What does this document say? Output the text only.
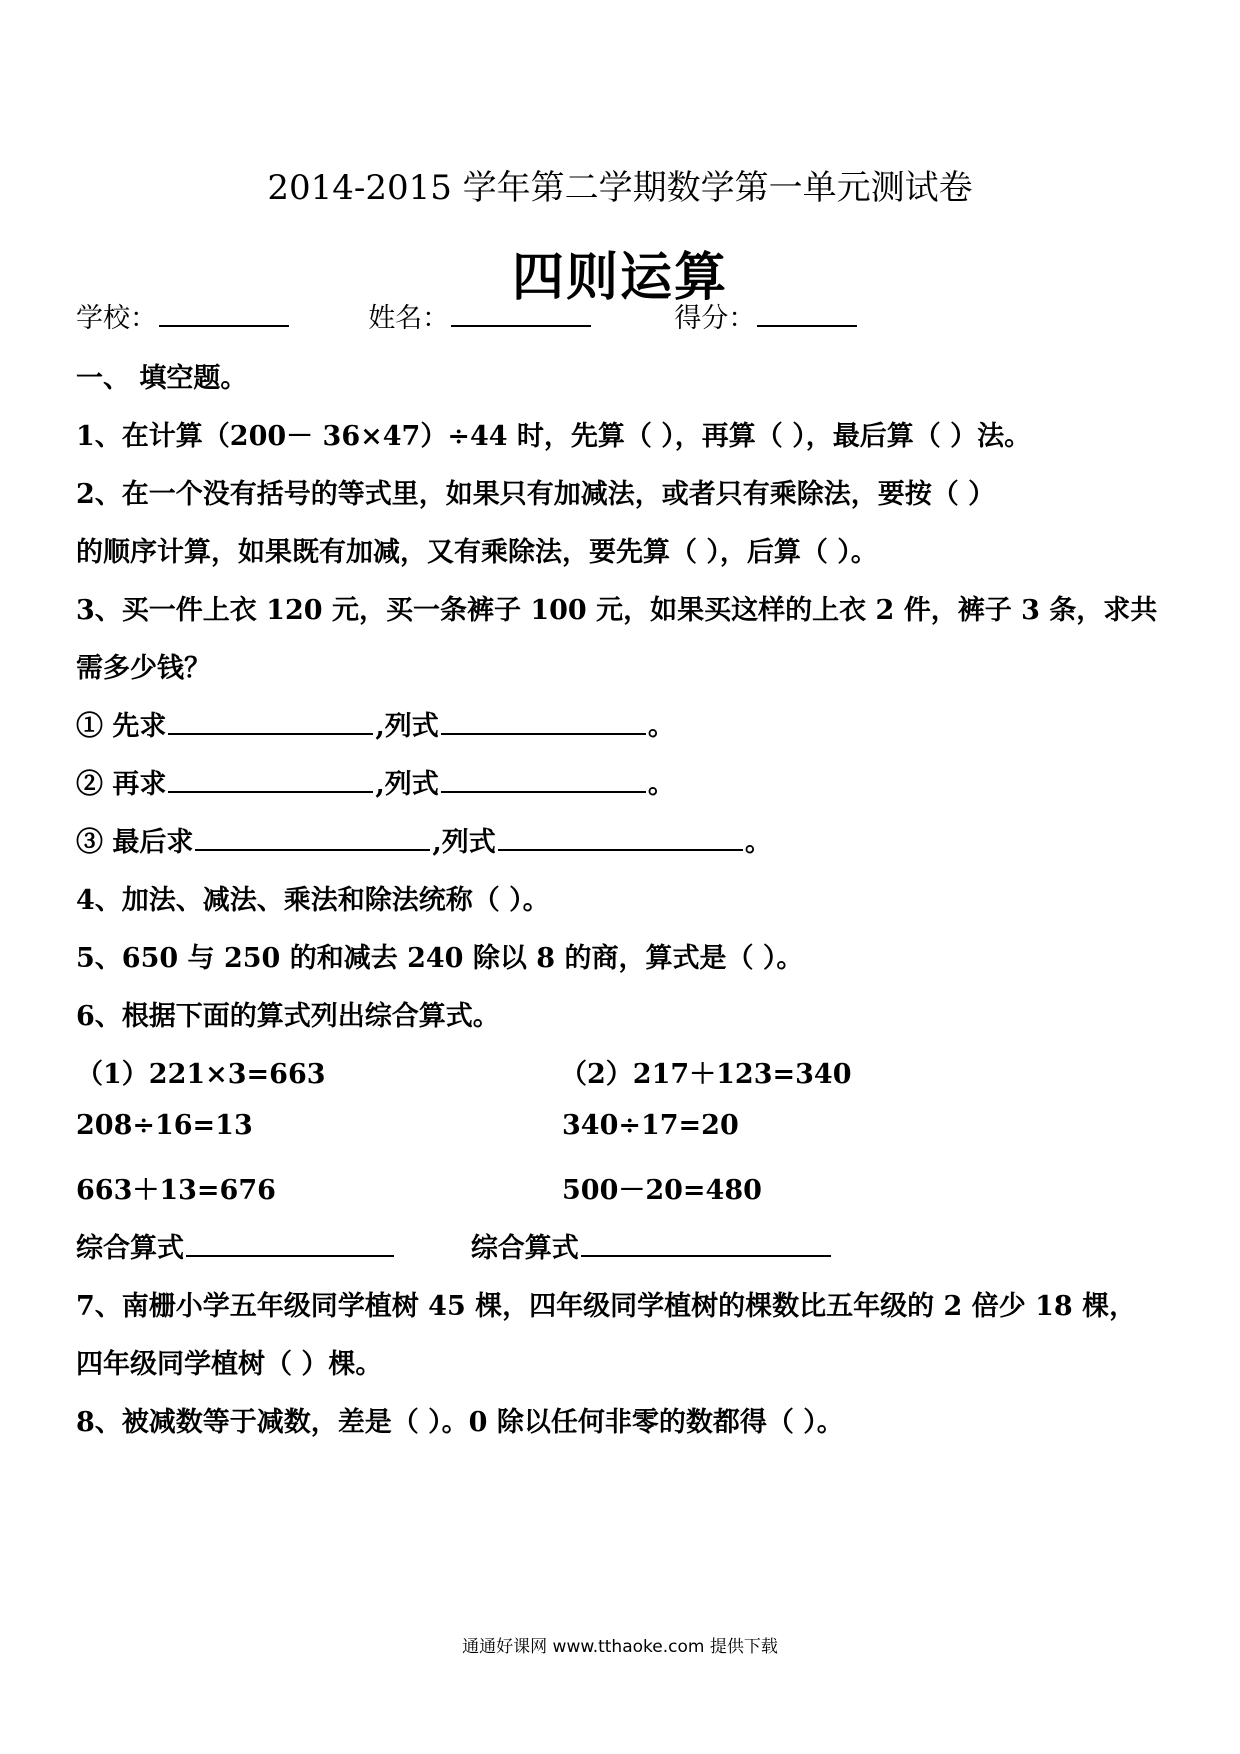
2014-2015 学年第二学期数学第一单元测试卷
四则运算
学校：	姓名：	得分：
一、 填空题。
1、在计算（200－ 36×47）÷44 时，先算（ ），再算（ ），最后算（ ）法。
2、在一个没有括号的等式里，如果只有加减法，或者只有乘除法，要按（ ）
的顺序计算，如果既有加减，又有乘除法，要先算（ ），后算（ ）。
3、买一件上衣 120 元，买一条裤子 100 元，如果买这样的上衣 2 件，裤子 3 条，求共
需多少钱？
① 先求	,列式	。
② 再求	,列式	。
③ 最后求	,列式	。
4、加法、减法、乘法和除法统称（ ）。
5、650 与 250 的和减去 240 除以 8 的商，算式是（ ）。
6、根据下面的算式列出综合算式。
（1）221×3=663	（2）217＋123=340
208÷16=13	340÷17=20
663＋13=676	500－20=480
综合算式	综合算式
7、南栅小学五年级同学植树 45 棵，四年级同学植树的棵数比五年级的 2 倍少 18 棵，
四年级同学植树（ ）棵。
8、被减数等于减数，差是（ ）。0 除以任何非零的数都得（ ）。
通通好课网 www.tthaoke.com 提供下载
